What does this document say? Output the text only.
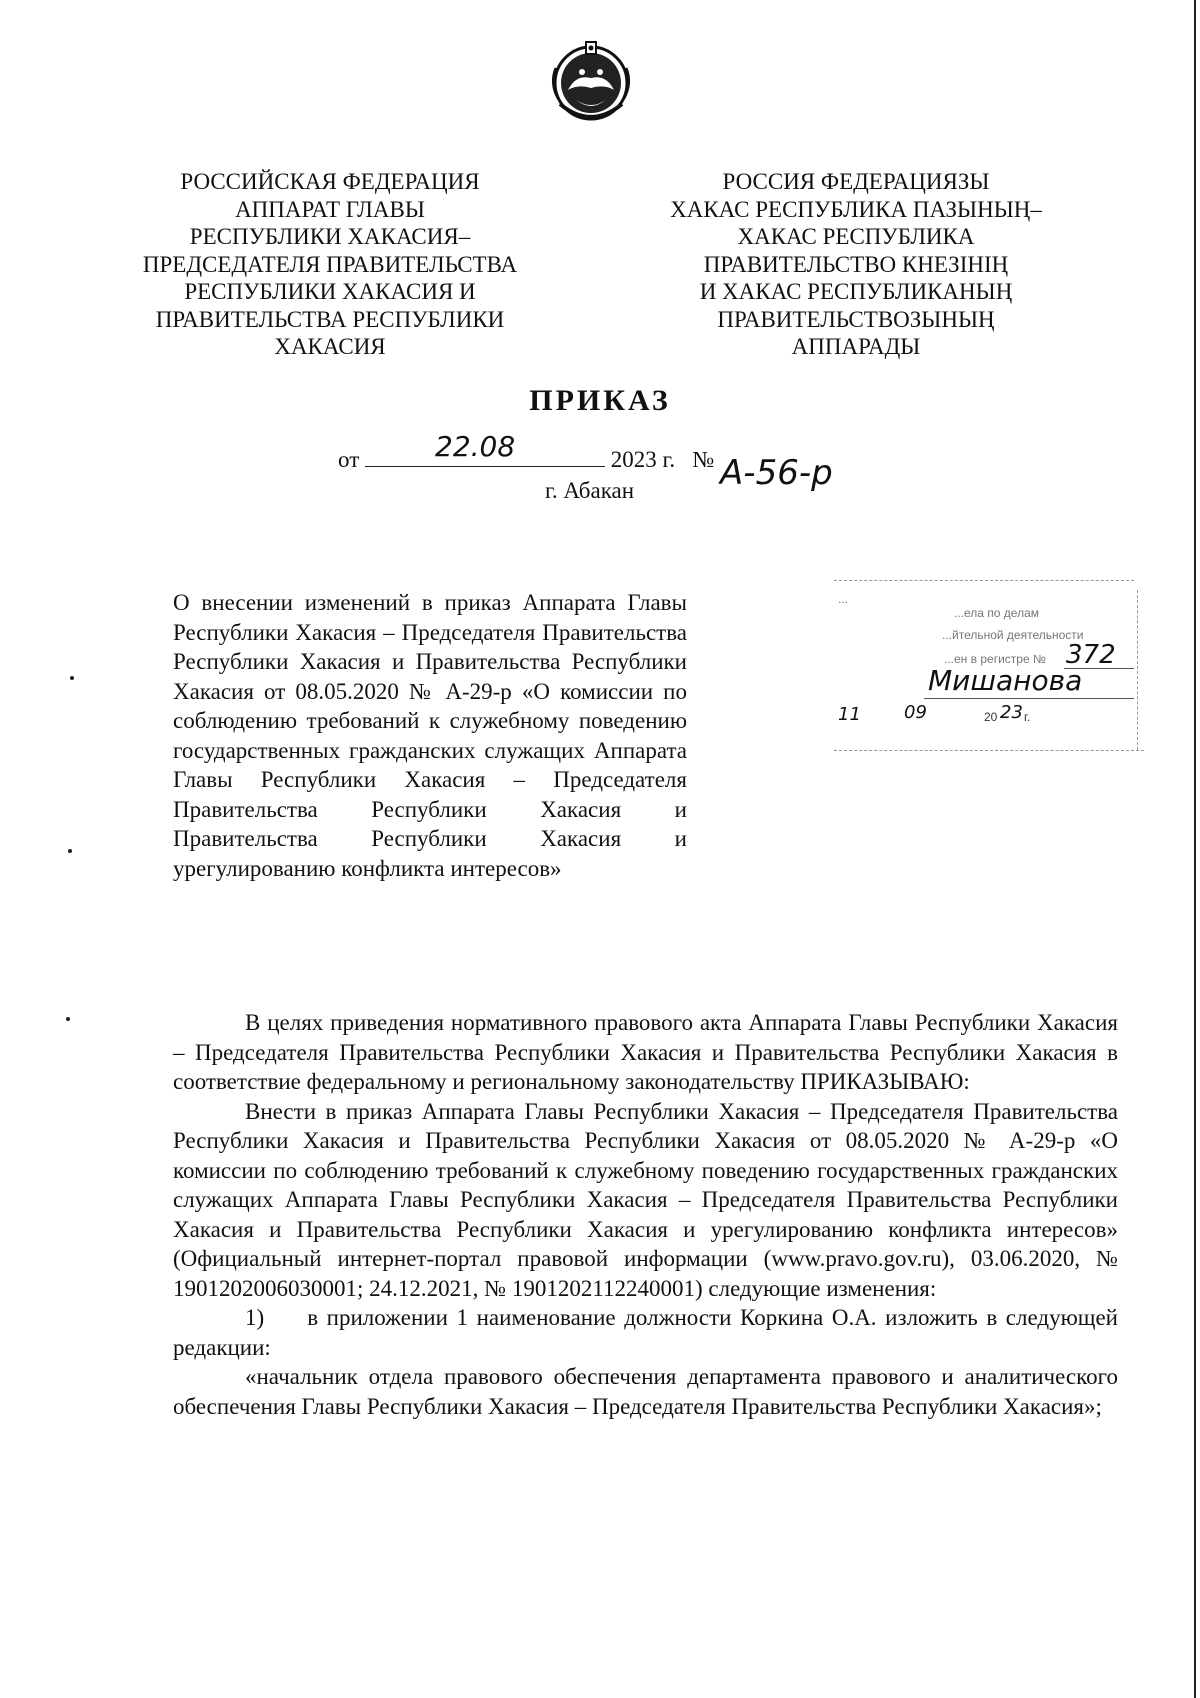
РОССИЙСКАЯ ФЕДЕРАЦИЯ
АППАРАТ ГЛАВЫ
РЕСПУБЛИКИ ХАКАСИЯ–
ПРЕДСЕДАТЕЛЯ ПРАВИТЕЛЬСТВА
РЕСПУБЛИКИ ХАКАСИЯ И
ПРАВИТЕЛЬСТВА РЕСПУБЛИКИ
ХАКАСИЯ
РОССИЯ ФЕДЕРАЦИЯЗЫ
ХАКАС РЕСПУБЛИКА ПАЗЫНЫҢ–
ХАКАС РЕСПУБЛИКА
ПРАВИТЕЛЬСТВО КНЕЗІНІҢ
И ХАКАС РЕСПУБЛИКАНЫҢ
ПРАВИТЕЛЬСТВОЗЫНЫҢ
АППАРАДЫ
ПРИКАЗ
от	22.08	2023 г. № А-56-р
г. Абакан
О внесении изменений в приказ Аппарата Главы Республики Хакасия – Председателя Правительства Республики Хакасия и Правительства Республики Хакасия от 08.05.2020 № А-29-р «О комиссии по соблюдению требований к служебному поведению государственных гражданских служащих Аппарата Главы Республики Хакасия – Председателя Правительства Республики Хакасия и Правительства Республики Хакасия и урегулированию конфликта интересов»
...
...ела по делам
...йтельной деятельности
...ен в регистре № 372
Мишанова
11 09	20 23 г.

В целях приведения нормативного правового акта Аппарата Главы Республики Хакасия – Председателя Правительства Республики Хакасия и Правительства Республики Хакасия в соответствие федеральному и региональному законодательству ПРИКАЗЫВАЮ:

Внести в приказ Аппарата Главы Республики Хакасия – Председателя Правительства Республики Хакасия и Правительства Республики Хакасия от 08.05.2020 № А-29-р «О комиссии по соблюдению требований к служебному поведению государственных гражданских служащих Аппарата Главы Республики Хакасия – Председателя Правительства Республики Хакасия и Правительства Республики Хакасия и урегулированию конфликта интересов» (Официальный интернет-портал правовой информации (www.pravo.gov.ru), 03.06.2020, № 1901202006030001; 24.12.2021, № 1901202112240001) следующие изменения:

1)     в приложении 1 наименование должности Коркина О.А. изложить в следующей редакции:

«начальник отдела правового обеспечения департамента правового и аналитического обеспечения Главы Республики Хакасия – Председателя Правительства Республики Хакасия»;
